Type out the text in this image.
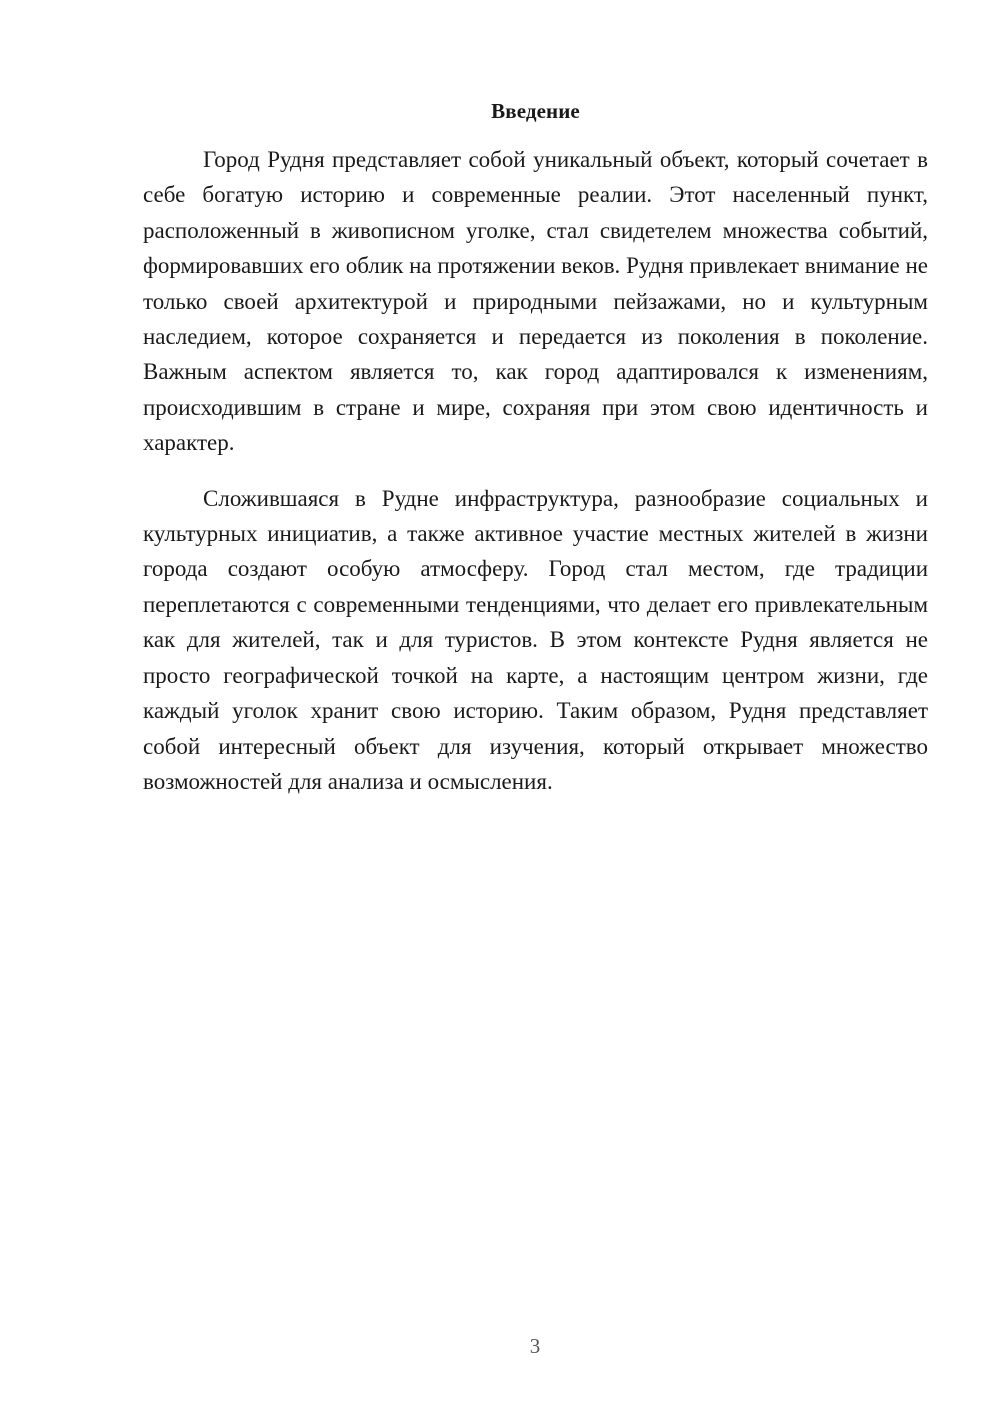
Введение

Город Рудня представляет собой уникальный объект, который сочетает в себе богатую историю и современные реалии. Этот населенный пункт, расположенный в живописном уголке, стал свидетелем множества событий, формировавших его облик на протяжении веков. Рудня привлекает внимание не только своей архитектурой и природными пейзажами, но и культурным наследием, которое сохраняется и передается из поколения в поколение. Важным аспектом является то, как город адаптировался к изменениям, происходившим в стране и мире, сохраняя при этом свою идентичность и характер.

Сложившаяся в Рудне инфраструктура, разнообразие социальных и культурных инициатив, а также активное участие местных жителей в жизни города создают особую атмосферу. Город стал местом, где традиции переплетаются с современными тенденциями, что делает его привлекательным как для жителей, так и для туристов. В этом контексте Рудня является не просто географической точкой на карте, а настоящим центром жизни, где каждый уголок хранит свою историю. Таким образом, Рудня представляет собой интересный объект для изучения, который открывает множество возможностей для анализа и осмысления.

3
